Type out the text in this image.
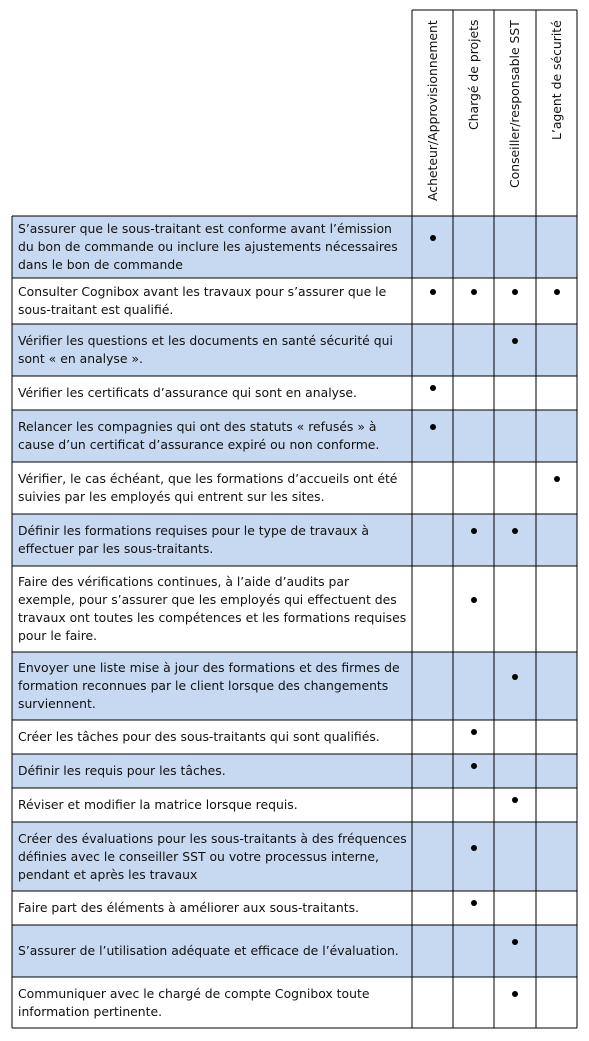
Acheteur/Approvisionnement Chargé de projets Conseiller/responsable SST L’agent de sécurité
S’assurer que le sous-traitant est conforme avant l’émission du bon de commande ou inclure les ajustements nécessaires dans le bon de commande
Consulter Cognibox avant les travaux pour s’assurer que le sous-traitant est qualifié.
Vérifier les questions et les documents en santé sécurité qui sont « en analyse ».
Vérifier les certificats d’assurance qui sont en analyse.
Relancer les compagnies qui ont des statuts « refusés » à cause d’un certificat d’assurance expiré ou non conforme.
Vérifier, le cas échéant, que les formations d’accueils ont été suivies par les employés qui entrent sur les sites.
Définir les formations requises pour le type de travaux à effectuer par les sous-traitants.
Faire des vérifications continues, à l’aide d’audits par exemple, pour s’assurer que les employés qui effectuent des travaux ont toutes les compétences et les formations requises pour le faire.
Envoyer une liste mise à jour des formations et des firmes de formation reconnues par le client lorsque des changements surviennent.
Créer les tâches pour des sous-traitants qui sont qualifiés.
Définir les requis pour les tâches.
Réviser et modifier la matrice lorsque requis.
Créer des évaluations pour les sous-traitants à des fréquences définies avec le conseiller SST ou votre processus interne, pendant et après les travaux
Faire part des éléments à améliorer aux sous-traitants.
S’assurer de l’utilisation adéquate et efficace de l’évaluation.
Communiquer avec le chargé de compte Cognibox toute information pertinente.
